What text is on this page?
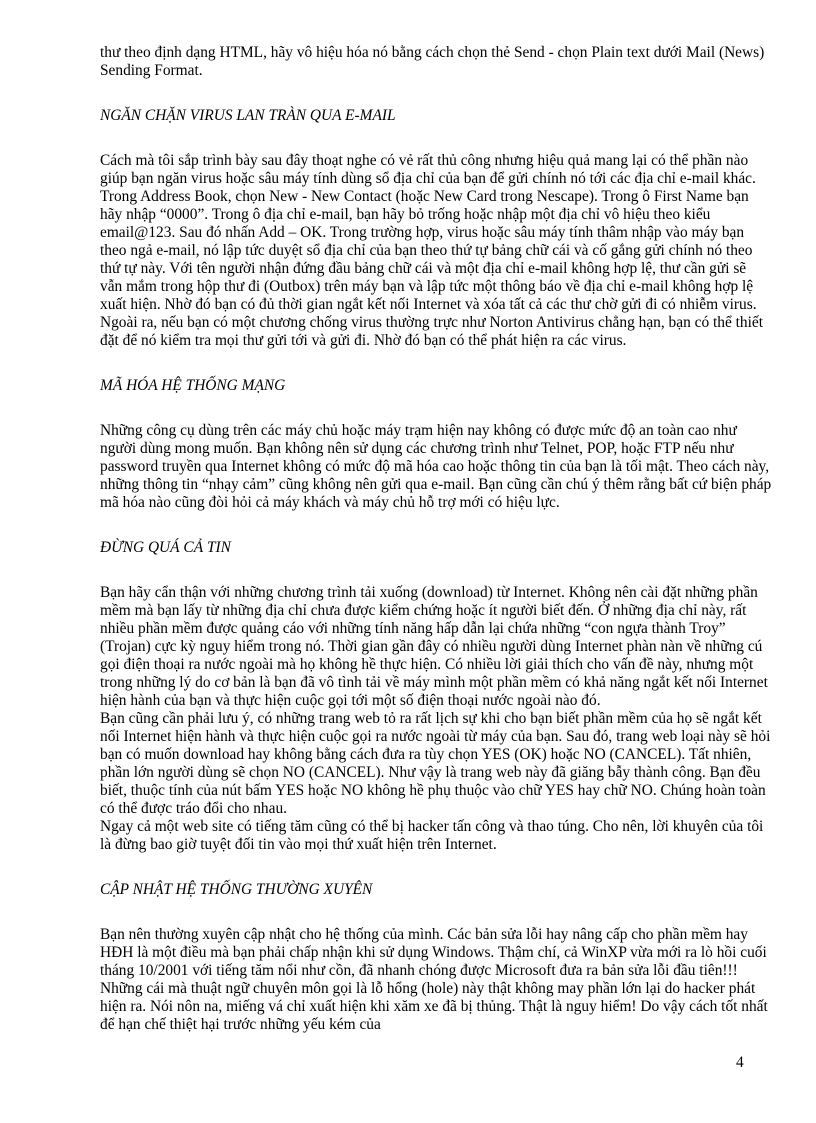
thư theo định dạng HTML, hãy vô hiệu hóa nó bằng cách chọn thẻ Send - chọn Plain text dưới Mail (News) Sending Format.

NGĂN CHẶN VIRUS LAN TRÀN QUA E-MAIL

Cách mà tôi sắp trình bày sau đây thoạt nghe có vẻ rất thủ công nhưng hiệu quả mang lại có thể phần nào giúp bạn ngăn virus hoặc sâu máy tính dùng sổ địa chỉ của bạn để gửi chính nó tới các địa chỉ e-mail khác. Trong Address Book, chọn New - New Contact (hoặc New Card trong Nescape). Trong ô First Name bạn hãy nhập “0000”. Trong ô địa chỉ e-mail, bạn hãy bỏ trống hoặc nhập một địa chỉ vô hiệu theo kiểu email@123. Sau đó nhấn Add – OK. Trong trường hợp, virus hoặc sâu máy tính thâm nhập vào máy bạn theo ngả e-mail, nó lập tức duyệt sổ địa chỉ của bạn theo thứ tự bảng chữ cái và cố gắng gửi chính nó theo thứ tự này. Với tên người nhận đứng đầu bảng chữ cái và một địa chỉ e-mail không hợp lệ, thư cần gửi sẽ vẫn mắm trong hộp thư đi (Outbox) trên máy bạn và lập tức một thông báo về địa chỉ e-mail không hợp lệ xuất hiện. Nhờ đó bạn có đủ thời gian ngắt kết nối Internet và xóa tất cả các thư chờ gửi đi có nhiễm virus. Ngoài ra, nếu bạn có một chương chống virus thường trực như Norton Antivirus chẳng hạn, bạn có thể thiết đặt để nó kiểm tra mọi thư gửi tới và gửi đi. Nhờ đó bạn có thể phát hiện ra các virus.

MÃ HÓA HỆ THỐNG MẠNG

Những công cụ dùng trên các máy chủ hoặc máy trạm hiện nay không có được mức độ an toàn cao như người dùng mong muốn. Bạn không nên sử dụng các chương trình như Telnet, POP, hoặc FTP nếu như password truyền qua Internet không có mức độ mã hóa cao hoặc thông tin của bạn là tối mật. Theo cách này, những thông tin “nhạy cảm” cũng không nên gửi qua e-mail. Bạn cũng cần chú ý thêm rằng bất cứ biện pháp mã hóa nào cũng đòi hỏi cả máy khách và máy chủ hỗ trợ mới có hiệu lực.

ĐỪNG QUÁ CẢ TIN

Bạn hãy cẩn thận với những chương trình tải xuống (download) từ Internet. Không nên cài đặt những phần mềm mà bạn lấy từ những địa chỉ chưa được kiểm chứng hoặc ít người biết đến. Ở những địa chỉ này, rất nhiều phần mềm được quảng cáo với những tính năng hấp dẫn lại chứa những “con ngựa thành Troy” (Trojan) cực kỳ nguy hiểm trong nó. Thời gian gần đây có nhiều người dùng Internet phàn nàn về những cú gọi điện thoại ra nước ngoài mà họ không hề thực hiện. Có nhiều lời giải thích cho vấn đề này, nhưng một trong những lý do cơ bản là bạn đã vô tình tải về máy mình một phần mềm có khả năng ngắt kết nối Internet hiện hành của bạn và thực hiện cuộc gọi tới một số điện thoại nước ngoài nào đó.

Bạn cũng cần phải lưu ý, có những trang web tỏ ra rất lịch sự khi cho bạn biết phần mềm của họ sẽ ngắt kết nối Internet hiện hành và thực hiện cuộc gọi ra nước ngoài từ máy của bạn. Sau đó, trang web loại này sẽ hỏi bạn có muốn download hay không bằng cách đưa ra tùy chọn YES (OK) hoặc NO (CANCEL). Tất nhiên, phần lớn người dùng sẽ chọn NO (CANCEL). Như vậy là trang web này đã giăng bẫy thành công. Bạn đều biết, thuộc tính của nút bấm YES hoặc NO không hề phụ thuộc vào chữ YES hay chữ NO. Chúng hoàn toàn có thể được tráo đổi cho nhau.

Ngay cả một web site có tiếng tăm cũng có thể bị hacker tấn công và thao túng. Cho nên, lời khuyên của tôi là đừng bao giờ tuyệt đối tin vào mọi thứ xuất hiện trên Internet.

CẬP NHẬT HỆ THỐNG THƯỜNG XUYÊN

Bạn nên thường xuyên cập nhật cho hệ thống của mình. Các bản sửa lỗi hay nâng cấp cho phần mềm hay HĐH là một điều mà bạn phải chấp nhận khi sử dụng Windows. Thậm chí, cả WinXP vừa mới ra lò hồi cuối tháng 10/2001 với tiếng tăm nổi như cồn, đã nhanh chóng được Microsoft đưa ra bản sửa lỗi đầu tiên!!! Những cái mà thuật ngữ chuyên môn gọi là lỗ hổng (hole) này thật không may phần lớn lại do hacker phát hiện ra. Nói nôn na, miếng vá chỉ xuất hiện khi xăm xe đã bị thủng. Thật là nguy hiểm! Do vậy cách tốt nhất để hạn chế thiệt hại trước những yếu kém của

4
